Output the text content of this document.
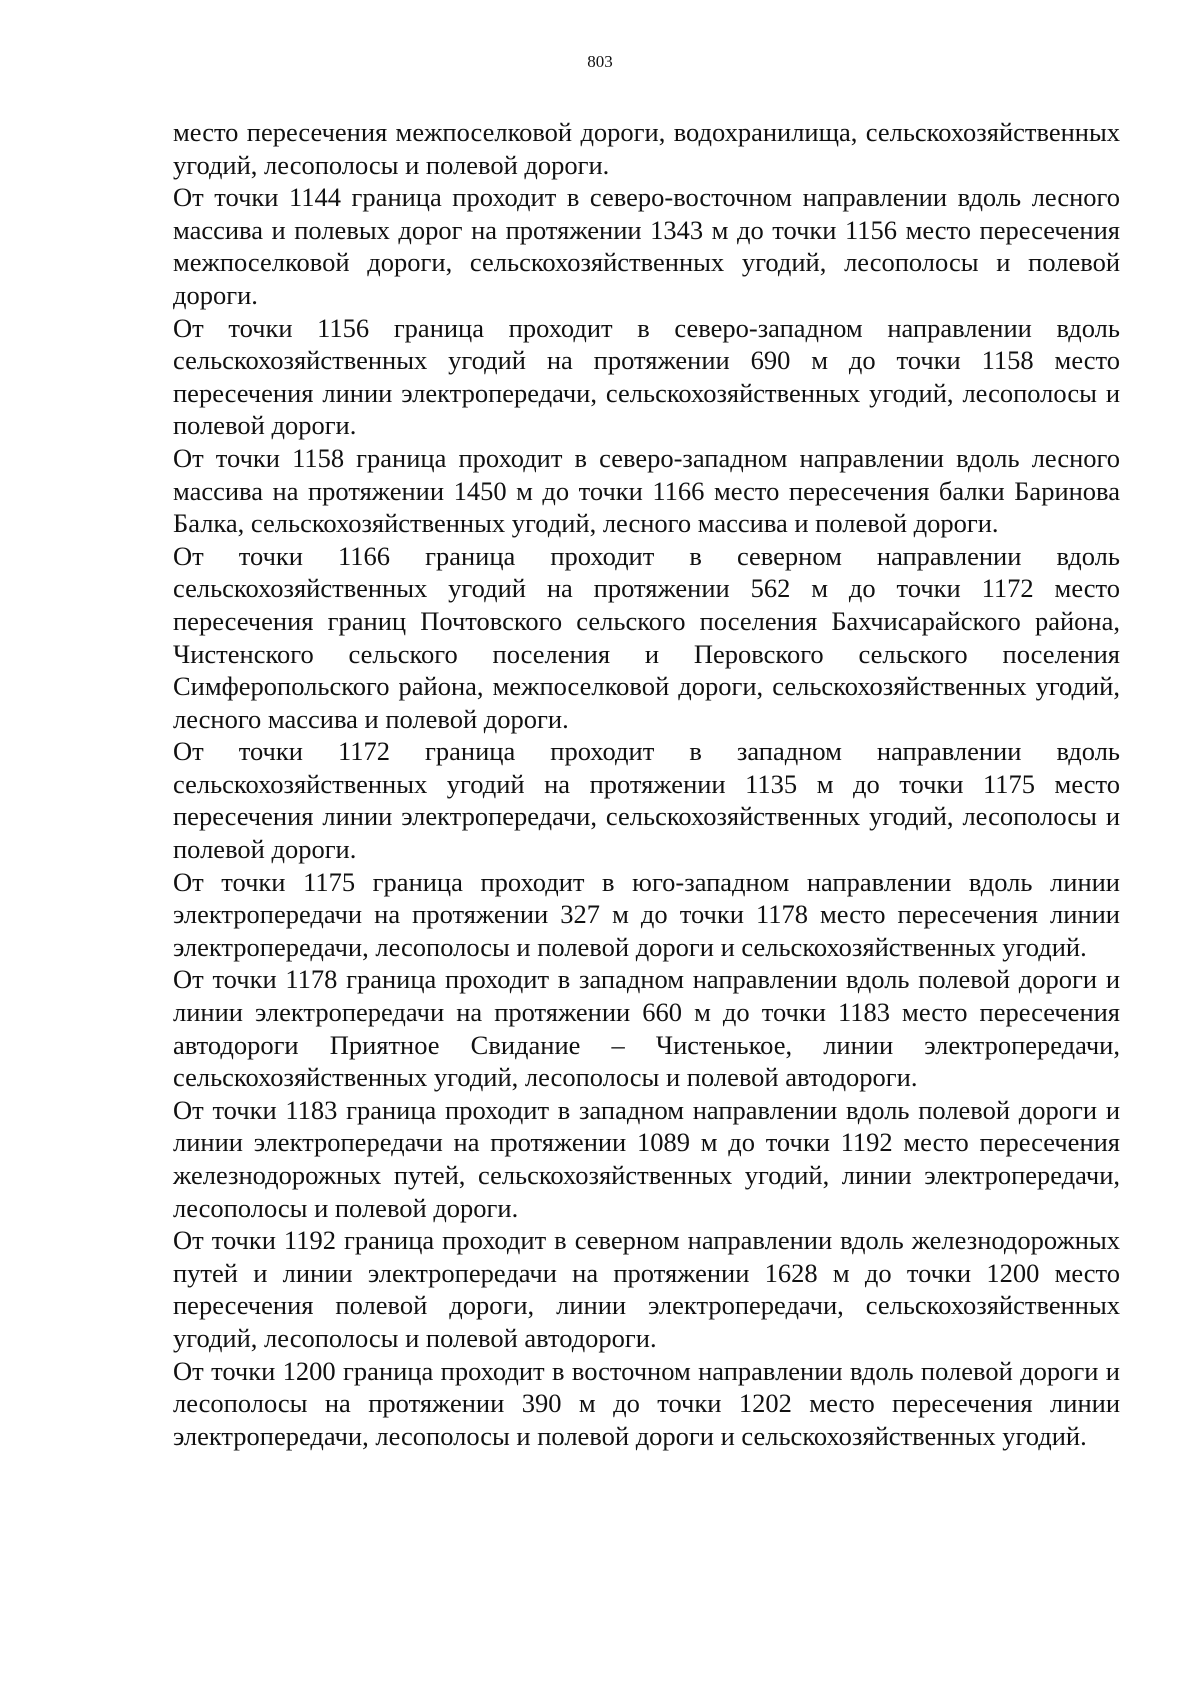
803

место пересечения межпоселковой дороги, водохранилища, сельскохозяйственных угодий, лесополосы и полевой дороги.

От точки 1144 граница проходит в северо-восточном направлении вдоль лесного массива и полевых дорог на протяжении 1343 м до точки 1156 место пересечения межпоселковой дороги, сельскохозяйственных угодий, лесополосы и полевой дороги.

От точки 1156 граница проходит в северо-западном направлении вдоль сельскохозяйственных угодий на протяжении 690 м до точки 1158 место пересечения линии электропередачи, сельскохозяйственных угодий, лесополосы и полевой дороги.

От точки 1158 граница проходит в северо-западном направлении вдоль лесного массива на протяжении 1450 м до точки 1166 место пересечения балки Баринова Балка, сельскохозяйственных угодий, лесного массива и полевой дороги.

От точки 1166 граница проходит в северном направлении вдоль сельскохозяйственных угодий на протяжении 562 м до точки 1172 место пересечения границ Почтовского сельского поселения Бахчисарайского района, Чистенского сельского поселения и Перовского сельского поселения Симферопольского района, межпоселковой дороги, сельскохозяйственных угодий, лесного массива и полевой дороги.

От точки 1172 граница проходит в западном направлении вдоль сельскохозяйственных угодий на протяжении 1135 м до точки 1175 место пересечения линии электропередачи, сельскохозяйственных угодий, лесополосы и полевой дороги.

От точки 1175 граница проходит в юго-западном направлении вдоль линии электропередачи на протяжении 327 м до точки 1178 место пересечения линии электропередачи, лесополосы и полевой дороги и сельскохозяйственных угодий.

От точки 1178 граница проходит в западном направлении вдоль полевой дороги и линии электропередачи на протяжении 660 м до точки 1183 место пересечения автодороги Приятное Свидание – Чистенькое, линии электропередачи, сельскохозяйственных угодий, лесополосы и полевой автодороги.

От точки 1183 граница проходит в западном направлении вдоль полевой дороги и линии электропередачи на протяжении 1089 м до точки 1192 место пересечения железнодорожных путей, сельскохозяйственных угодий, линии электропередачи, лесополосы и полевой дороги.

От точки 1192 граница проходит в северном направлении вдоль железнодорожных путей и линии электропередачи на протяжении 1628 м до точки 1200 место пересечения полевой дороги, линии электропередачи, сельскохозяйственных угодий, лесополосы и полевой автодороги.

От точки 1200 граница проходит в восточном направлении вдоль полевой дороги и лесополосы на протяжении 390 м до точки 1202 место пересечения линии электропередачи, лесополосы и полевой дороги и сельскохозяйственных угодий.
